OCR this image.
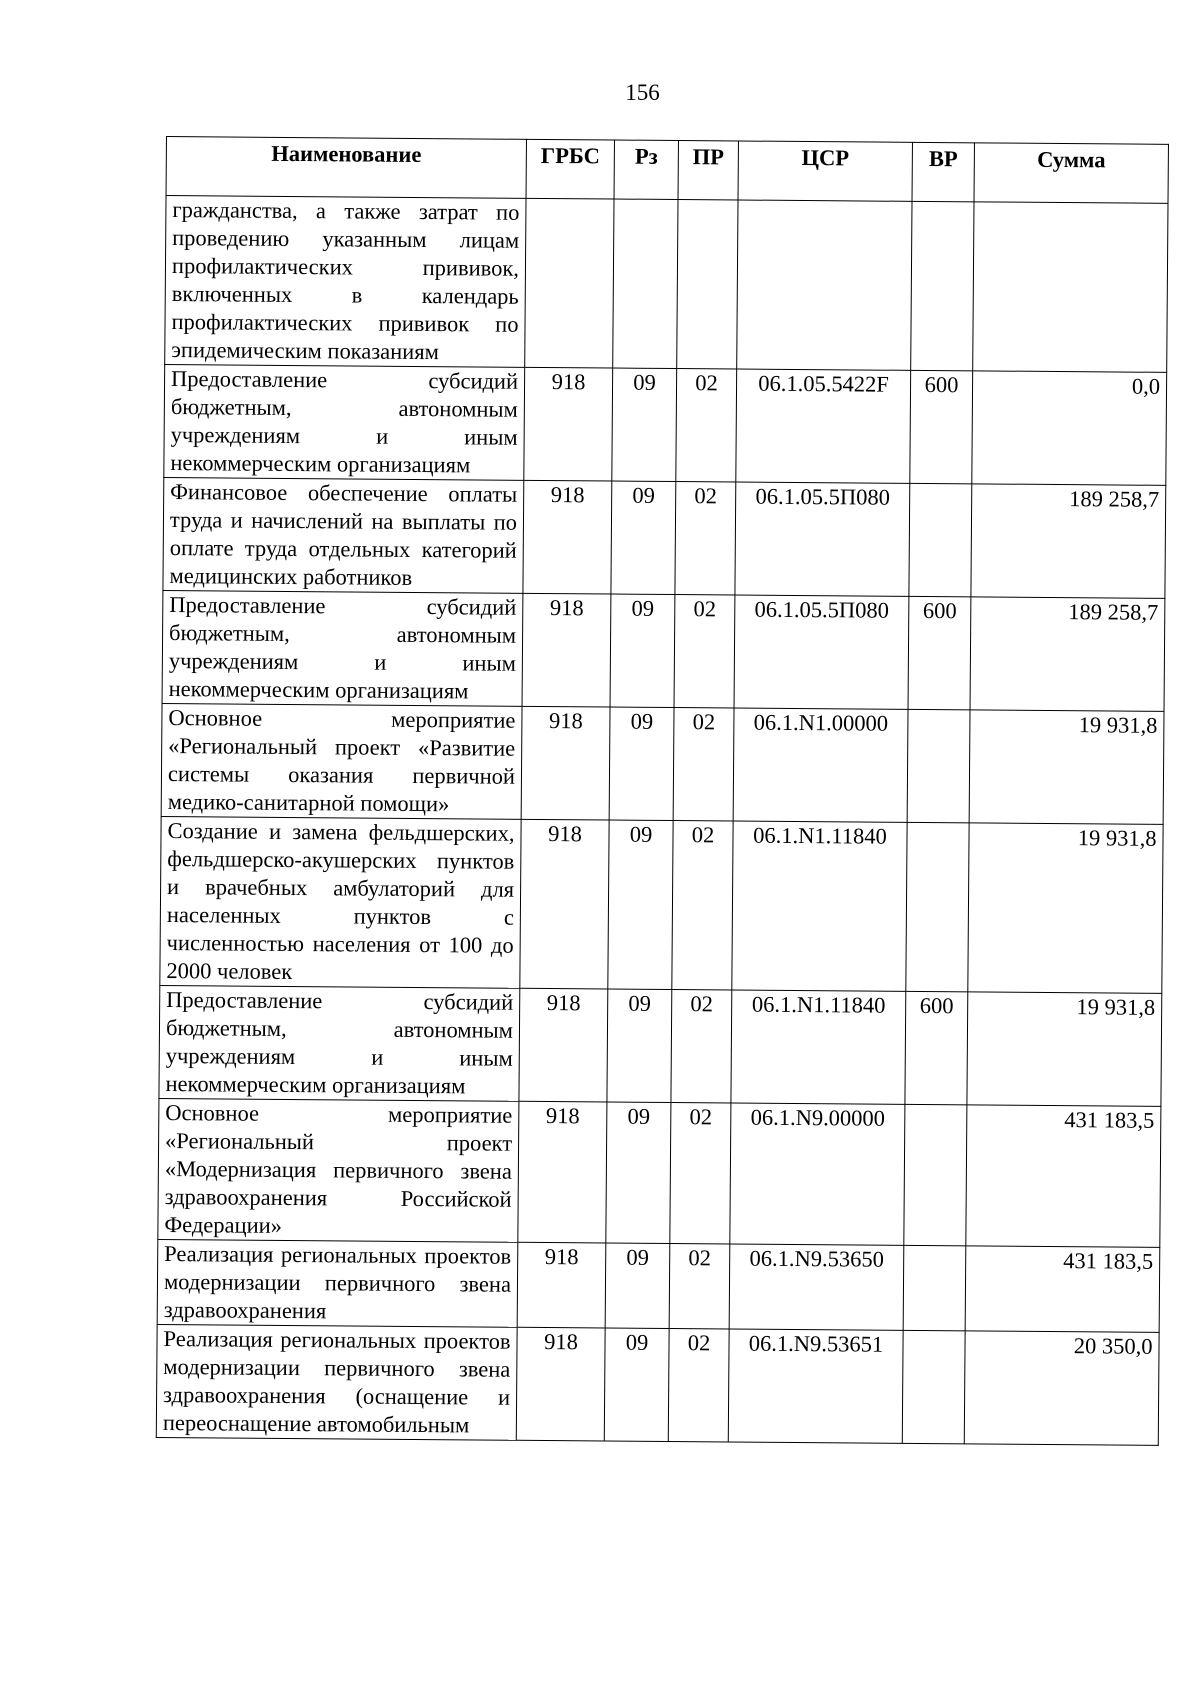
156
Наименование	ГРБС	Рз	ПР	ЦСР	ВР	Сумма
гражданства, а также затрат по проведению указанным лицам профилактических прививок, включенных в календарь профилактических прививок по эпидемическим показаниям						
Предоставление субсидий бюджетным, автономным учреждениям и иным некоммерческим организациям	918	09	02	06.1.05.5422F	600	0,0
Финансовое обеспечение оплаты труда и начислений на выплаты по оплате труда отдельных категорий медицинских работников	918	09	02	06.1.05.5П080		189 258,7
Предоставление субсидий бюджетным, автономным учреждениям и иным некоммерческим организациям	918	09	02	06.1.05.5П080	600	189 258,7
Основное мероприятие «Региональный проект «Развитие системы оказания первичной медико-санитарной помощи»	918	09	02	06.1.N1.00000		19 931,8
Создание и замена фельдшерских, фельдшерско-акушерских пунктов и врачебных амбулаторий для населенных пунктов с численностью населения от 100 до 2000 человек	918	09	02	06.1.N1.11840		19 931,8
Предоставление субсидий бюджетным, автономным учреждениям и иным некоммерческим организациям	918	09	02	06.1.N1.11840	600	19 931,8
Основное мероприятие «Региональный проект «Модернизация первичного звена здравоохранения Российской Федерации»	918	09	02	06.1.N9.00000		431 183,5
Реализация региональных проектов модернизации первичного звена здравоохранения	918	09	02	06.1.N9.53650		431 183,5
Реализация региональных проектов модернизации первичного звена здравоохранения (оснащение и переоснащение автомобильным	918	09	02	06.1.N9.53651		20 350,0
